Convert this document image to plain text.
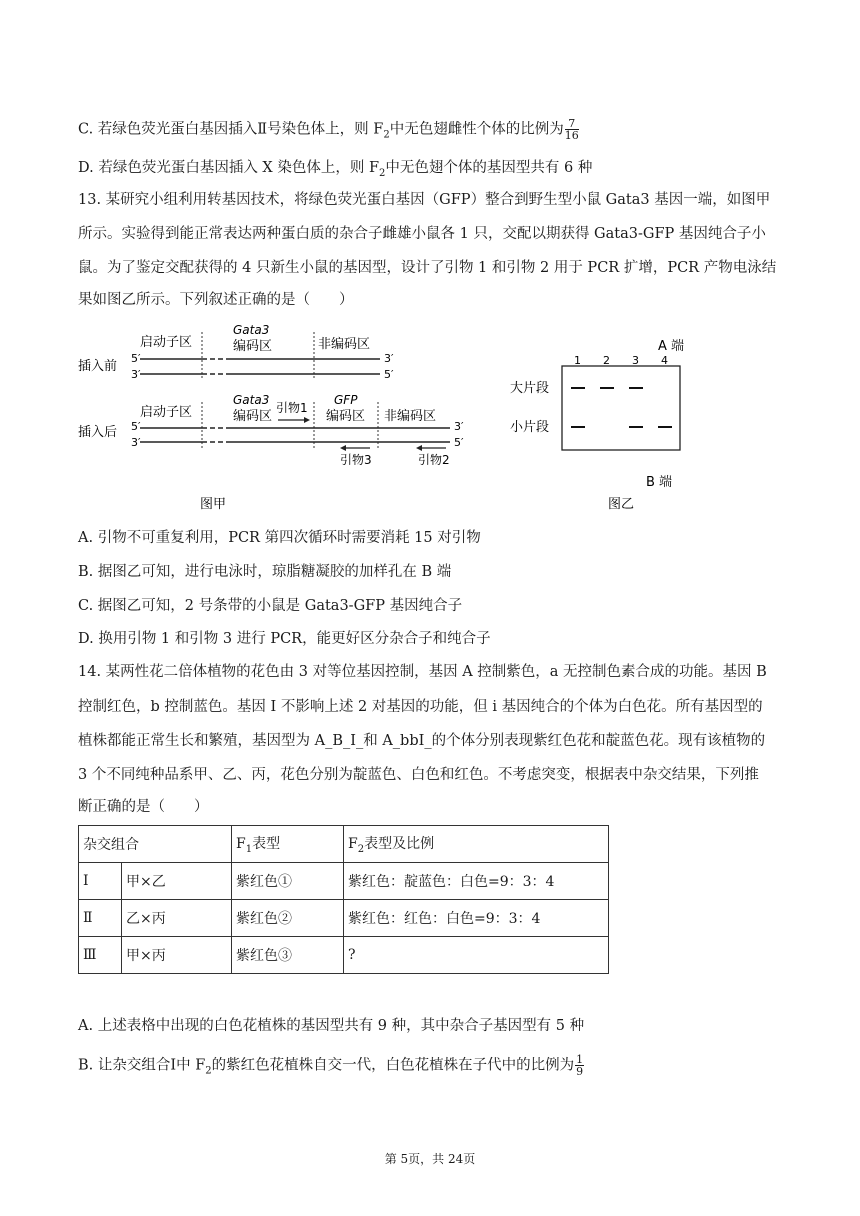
C. 若绿色荧光蛋白基因插入Ⅱ号染色体上，则 $F_2$中无色翅雌性个体的比例为 $\frac{7}{16}$
D. 若绿色荧光蛋白基因插入 X 染色体上，则 $F_2$中无色翅个体的基因型共有 6 种
13. 某研究小组利用转基因技术，将绿色荧光蛋白基因（GFP）整合到野生型小鼠 Gata3 基因一端，如图甲
所示。实验得到能正常表达两种蛋白质的杂合子雌雄小鼠各 1 只，交配以期获得 Gata3-GFP 基因纯合子小
鼠。为了鉴定交配获得的 4 只新生小鼠的基因型，设计了引物 1 和引物 2 用于 PCR 扩增，PCR 产物电泳结
果如图乙所示。下列叙述正确的是（　　）
启动子区
Gata3
编码区	非编码区
插入前
5′
3′
3′
5′
启动子区
Gata3
编码区
引物1
GFP
编码区 非编码区
插入后 5′
3′
3′
5′
引物3	引物2
图甲
A 端
1 2 3 4
大片段
小片段
B 端
图乙
A. 引物不可重复利用，PCR 第四次循环时需要消耗 15 对引物
B. 据图乙可知，进行电泳时，琼脂糖凝胶的加样孔在 B 端
C. 据图乙可知，2 号条带的小鼠是 Gata3-GFP 基因纯合子
D. 换用引物 1 和引物 3 进行 PCR，能更好区分杂合子和纯合子
14. 某两性花二倍体植物的花色由 3 对等位基因控制，基因 A 控制紫色，a 无控制色素合成的功能。基因 B
控制红色，b 控制蓝色。基因 I 不影响上述 2 对基因的功能，但 i 基因纯合的个体为白色花。所有基因型的
植株都能正常生长和繁殖，基因型为 A_B_I_和 A_bbI_的个体分别表现紫红色花和靛蓝色花。现有该植物的
3 个不同纯种品系甲、乙、丙，花色分别为靛蓝色、白色和红色。不考虑突变，根据表中杂交结果，下列推
断正确的是（　　）
杂交组合		$F_1$表型	$F_2$表型及比例
Ⅰ	甲×乙	紫红色①	紫红色：靛蓝色：白色=9：3：4
Ⅱ	乙×丙	紫红色②	紫红色：红色：白色=9：3：4
Ⅲ	甲×丙	紫红色③	?
A. 上述表格中出现的白色花植株的基因型共有 9 种，其中杂合子基因型有 5 种
B. 让杂交组合Ⅰ中 $F_2$的紫红色花植株自交一代，白色花植株在子代中的比例为 $\frac{1}{9}$
第 5页，共 24页
